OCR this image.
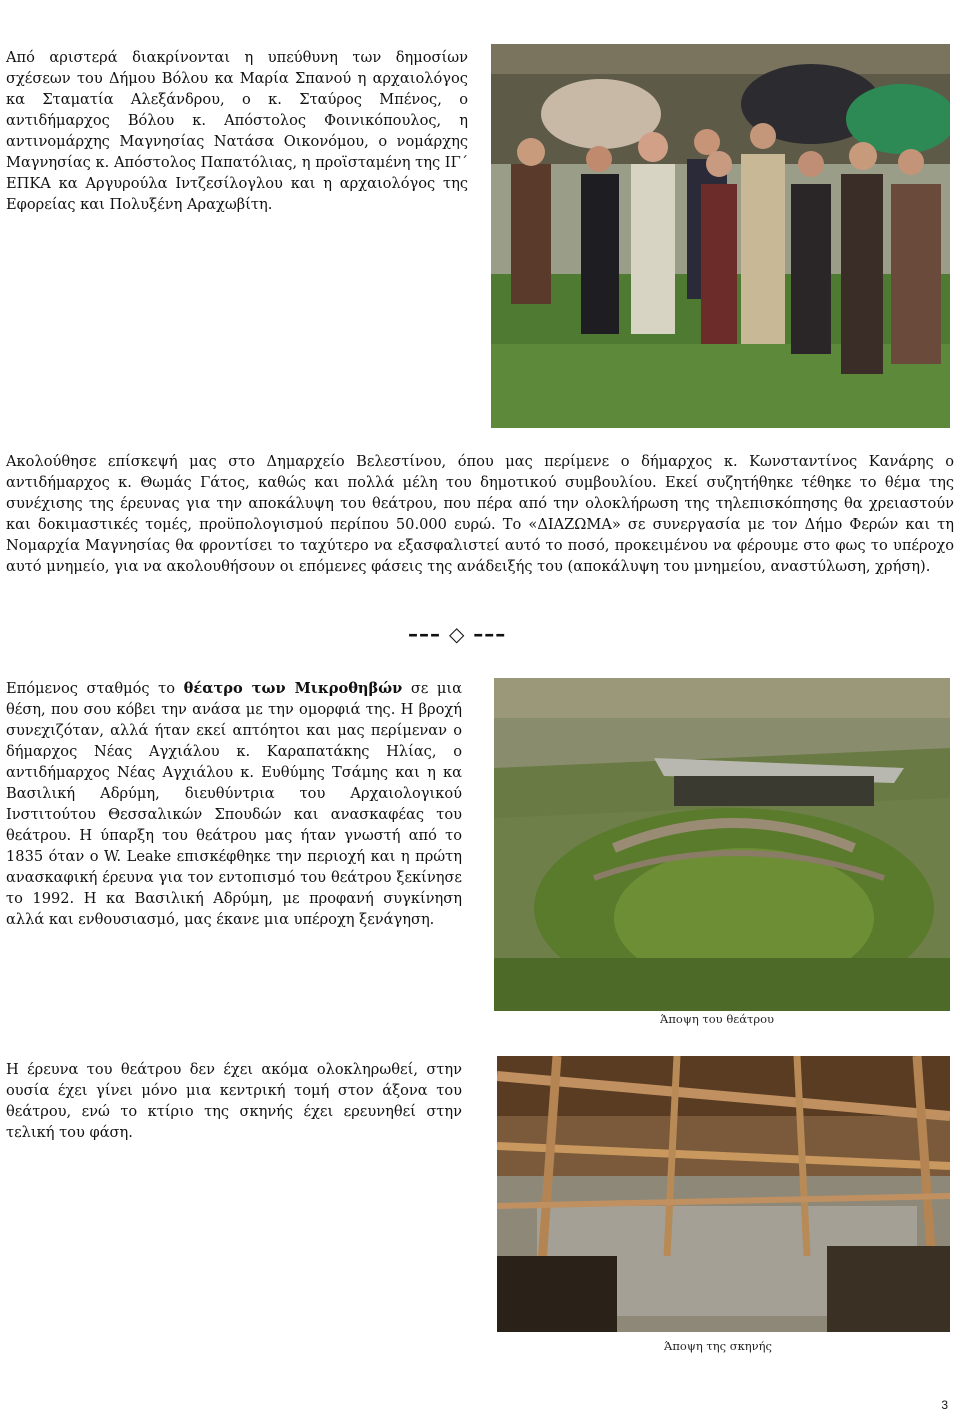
Από αριστερά διακρίνονται η υπεύθυνη των δημοσίων σχέσεων του Δήμου Βόλου κα Μαρία Σπανού η αρχαιολόγος κα Σταματία Αλεξάνδρου, ο κ. Σταύρος Μπένος, ο αντιδήμαρχος Βόλου κ. Απόστολος Φοινικόπουλος, η αντινομάρχης Μαγνησίας Νατάσα Οικονόμου, ο νομάρχης Μαγνησίας κ. Απόστολος Παπατόλιας, η προϊσταμένη της ΙΓ΄ ΕΠΚΑ κα Αργυρούλα Ιντζεσίλογλου και η αρχαιολόγος της Εφορείας και Πολυξένη Αραχωβίτη.

Ακολούθησε επίσκεψή μας στο Δημαρχείο Βελεστίνου, όπου μας περίμενε ο δήμαρχος κ. Κωνσταντίνος Κανάρης ο αντιδήμαρχος κ. Θωμάς Γάτος, καθώς και πολλά μέλη του δημοτικού συμβουλίου. Εκεί συζητήθηκε τέθηκε το θέμα της συνέχισης της έρευνας για την αποκάλυψη του θεάτρου, που πέρα από την ολοκλήρωση της τηλεπισκόπησης θα χρειαστούν και δοκιμαστικές τομές, προϋπολογισμού περίπου 50.000 ευρώ. Το «ΔΙΑΖΩΜΑ» σε συνεργασία με τον Δήμο Φερών και τη Νομαρχία Μαγνησίας θα φροντίσει το ταχύτερο να εξασφαλιστεί αυτό το ποσό, προκειμένου να φέρουμε στο φως το υπέροχο αυτό μνημείο, για να ακολουθήσουν οι επόμενες φάσεις της ανάδειξής του (αποκάλυψη του μνημείου, αναστύλωση, χρήση).

––– ◇ –––

Επόμενος σταθμός το θέατρο των Μικροθηβών σε μια θέση, που σου κόβει την ανάσα με την ομορφιά της. Η βροχή συνεχιζόταν, αλλά ήταν εκεί απτόητοι και μας περίμεναν ο δήμαρχος Νέας Αγχιάλου κ. Καραπατάκης Ηλίας, ο αντιδήμαρχος Νέας Αγχιάλου κ. Ευθύμης Τσάμης και η κα Βασιλική Αδρύμη, διευθύντρια του Αρχαιολογικού Ινστιτούτου Θεσσαλικών Σπουδών και ανασκαφέας του θεάτρου. Η ύπαρξη του θεάτρου μας ήταν γνωστή από το 1835 όταν ο W. Leake επισκέφθηκε την περιοχή και η πρώτη ανασκαφική έρευνα για τον εντοπισμό του θεάτρου ξεκίνησε το 1992. Η κα Βασιλική Αδρύμη, με προφανή συγκίνηση αλλά και ενθουσιασμό, μας έκανε μια υπέροχη ξενάγηση.

Άποψη του θεάτρου

Η έρευνα του θεάτρου δεν έχει ακόμα ολοκληρωθεί, στην ουσία έχει γίνει μόνο μια κεντρική τομή στον άξονα του θεάτρου, ενώ το κτίριο της σκηνής έχει ερευνηθεί στην τελική του φάση.

Άποψη της σκηνής
3
